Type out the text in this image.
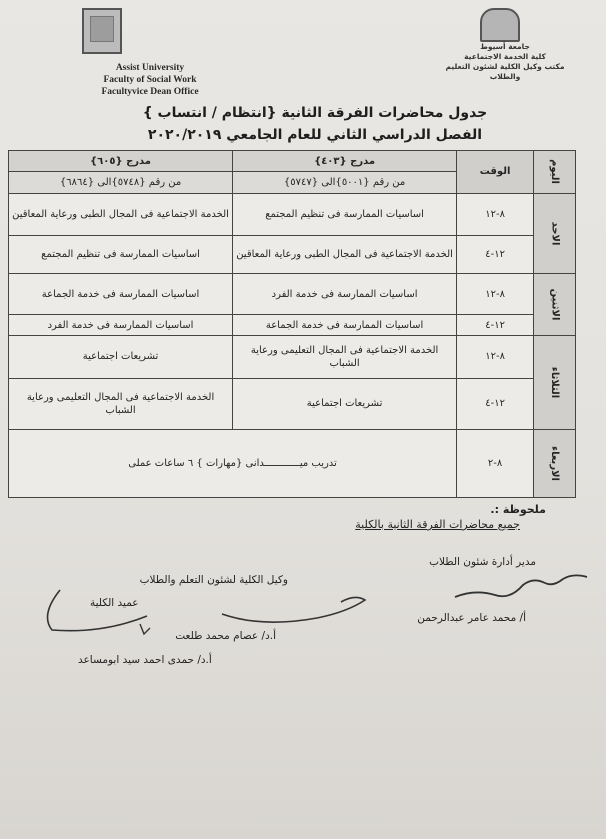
Assist University
Faculty of Social Work
Facultyvice Dean Office
جامعة أسيوط
كلية الخدمة الاجتماعية
مكتب وكيل الكلية لشئون التعليم والطلاب
جدول محاضرات الفرقة الثانية {انتظام / انتساب }
الفصل الدراسي الثاني للعام الجامعي ٢٠٢٠/٢٠١٩
اليوم	الوقت	مدرج {٤٠٣}	مدرج {٦٠٥}
		من رقم {٥٠٠١}الى {٥٧٤٧}	من رقم {٥٧٤٨}الى {٦٨٦٤}
الاحد	٨-١٢	اساسيات الممارسة فى تنظيم المجتمع	الخدمة الاجتماعية فى المجال الطبى ورعاية المعاقين
	١٢-٤	الخدمة الاجتماعية فى المجال الطبى ورعاية المعاقين	اساسيات الممارسة فى تنظيم المجتمع
الاثنين	٨-١٢	اساسيات الممارسة فى خدمة الفرد	اساسيات الممارسة فى خدمة الجماعة
	١٢-٤	اساسيات الممارسة فى خدمة الجماعة	اساسيات الممارسة فى خدمة الفرد
الثلاثاء	٨-١٢	الخدمة الاجتماعية فى المجال التعليمى ورعاية الشباب	تشريعات اجتماعية
	١٢-٤	تشريعات اجتماعية	الخدمة الاجتماعية فى المجال التعليمى ورعاية الشباب
الاربعاء	٨-٢	تدريب ميــــــــــــدانى {مهارات } ٦ ساعات عملى	
ملحوظة :.
جميع محاضرات الفرقة الثانية بالكلية
مدير أدارة شئون الطلاب
أ/ محمد عامر عبدالرحمن
وكيل الكلية لشئون التعلم والطلاب
أ.د/ عصام محمد طلعت
عميد الكلية
أ.د/ حمدى احمد سيد ابومساعد
